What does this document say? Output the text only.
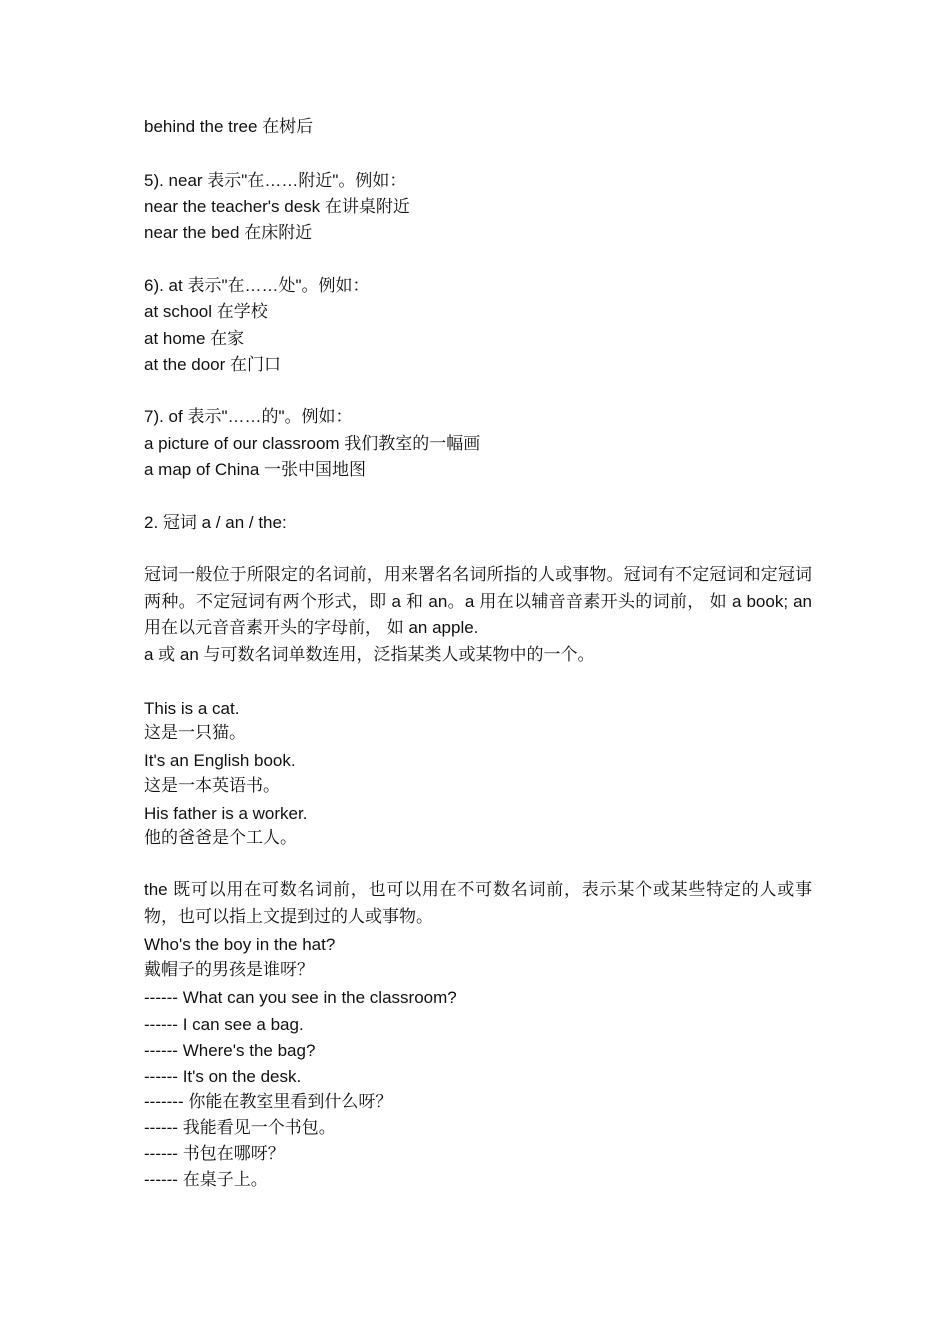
behind the tree 在树后
5). near 表示"在……附近"。例如：
near the teacher's desk 在讲桌附近
near the bed 在床附近
6). at 表示"在……处"。例如：
at school 在学校
at home 在家
at the door 在门口
7). of 表示"……的"。例如：
a picture of our classroom 我们教室的一幅画
a map of China 一张中国地图
2. 冠词 a / an / the:
冠词一般位于所限定的名词前，用来署名名词所指的人或事物。冠词有不定冠词和定冠词两种。不定冠词有两个形式，即 a 和 an。a 用在以辅音音素开头的词前， 如 a book; an 用在以元音音素开头的字母前， 如 an apple.
a 或 an 与可数名词单数连用，泛指某类人或某物中的一个。
This is a cat.
这是一只猫。
It's an English book.
这是一本英语书。
His father is a worker.
他的爸爸是个工人。
the 既可以用在可数名词前，也可以用在不可数名词前，表示某个或某些特定的人或事物，也可以指上文提到过的人或事物。
Who's the boy in the hat?
戴帽子的男孩是谁呀？
------ What can you see in the classroom?
------ I can see a bag.
------ Where's the bag?
------ It's on the desk.
------- 你能在教室里看到什么呀？
------ 我能看见一个书包。
------ 书包在哪呀？
------ 在桌子上。
